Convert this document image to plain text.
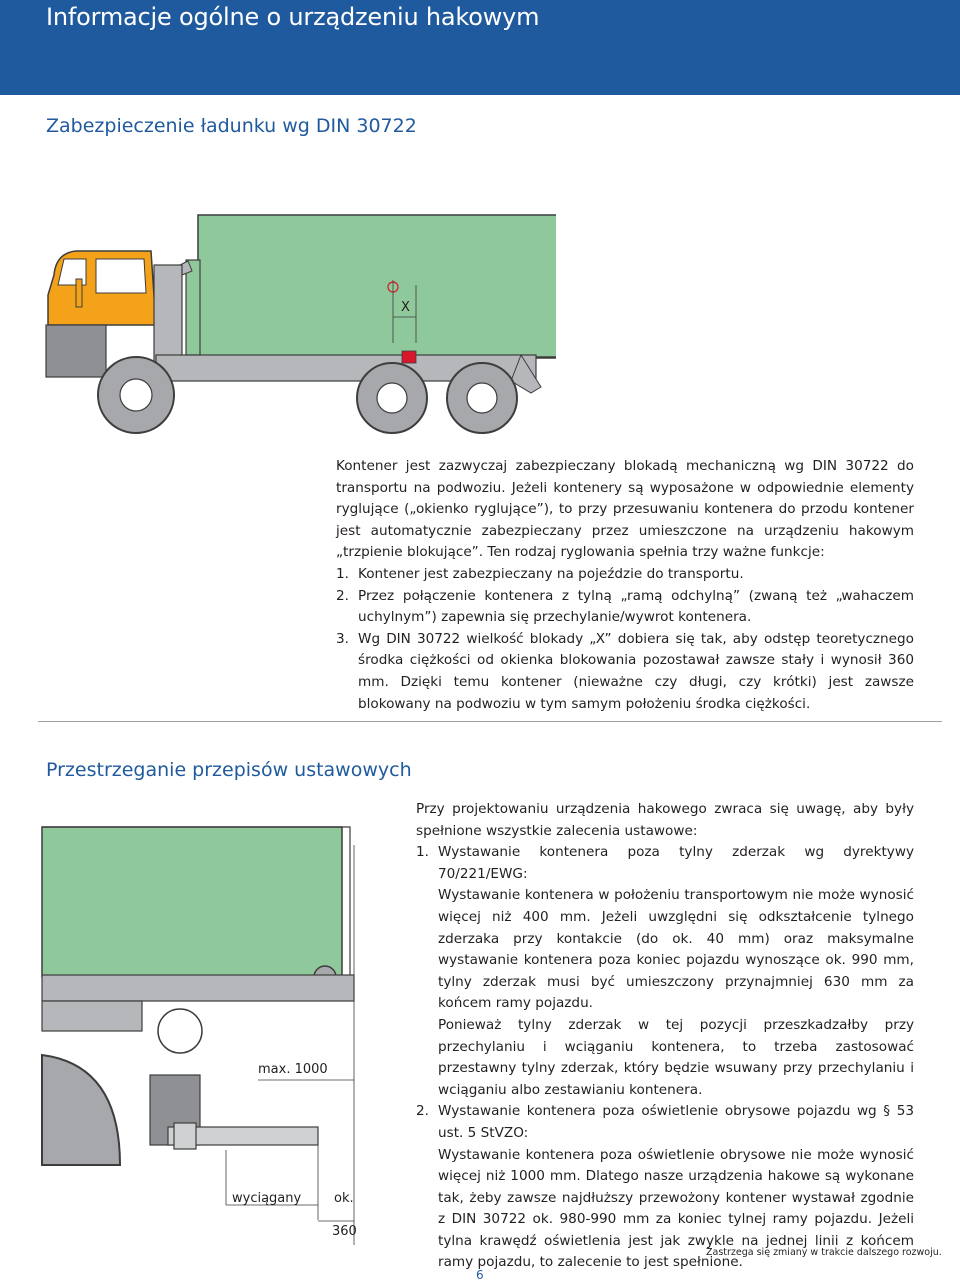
Informacje ogólne o urządzeniu hakowym
Zabezpieczenie ładunku wg DIN 30722
X

Kontener jest zazwyczaj zabezpieczany blokadą mechaniczną wg DIN 30722 do transportu na podwoziu. Jeżeli kontenery są wyposażone w odpowiednie elementy ryglujące („okienko ryglujące”), to przy przesuwaniu kontenera do przodu kontener jest automatycznie zabezpieczany przez umieszczone na urządzeniu hakowym „trzpienie blokujące”. Ten rodzaj ryglowania spełnia trzy ważne funkcje:

1. Kontener jest zabezpieczany na pojeździe do transportu.
2. Przez połączenie kontenera z tylną „ramą odchylną” (zwaną też „wahaczem uchylnym”) zapewnia się przechylanie/wywrot kontenera.
3. Wg DIN 30722 wielkość blokady „X” dobiera się tak, aby odstęp teoretycznego środka ciężkości od okienka blokowania pozostawał zawsze stały i wynosił 360 mm. Dzięki temu kontener (nieważne czy długi, czy krótki) jest zawsze blokowany na podwoziu w tym samym położeniu środka ciężkości.
Przestrzeganie przepisów ustawowych
max. 1000
wyciągany	ok.
360

Przy projektowaniu urządzenia hakowego zwraca się uwagę, aby były spełnione wszystkie zalecenia ustawowe:

1. Wystawanie kontenera poza tylny zderzak wg dyrektywy 70/221/EWG:
Wystawanie kontenera w położeniu transportowym nie może wynosić więcej niż 400 mm. Jeżeli uwzględni się odkształcenie tylnego zderzaka przy kontakcie (do ok. 40 mm) oraz maksymalne wystawanie kontenera poza koniec pojazdu wynoszące ok. 990 mm, tylny zderzak musi być umieszczony przynajmniej 630 mm za końcem ramy pojazdu.
Ponieważ tylny zderzak w tej pozycji przeszkadzałby przy przechylaniu i wciąganiu kontenera, to trzeba zastosować przestawny tylny zderzak, który będzie wsuwany przy przechylaniu i wciąganiu albo zestawianiu kontenera.
2. Wystawanie kontenera poza oświetlenie obrysowe pojazdu wg § 53 ust. 5 StVZO:
Wystawanie kontenera poza oświetlenie obrysowe nie może wynosić więcej niż 1000 mm. Dlatego nasze urządzenia hakowe są wykonane tak, żeby zawsze najdłuższy przewożony kontener wystawał zgodnie z DIN 30722 ok. 980-990 mm za koniec tylnej ramy pojazdu. Jeżeli tylna krawędź oświetlenia jest jak zwykle na jednej linii z końcem ramy pojazdu, to zalecenie to jest spełnione.
Zastrzega się zmiany w trakcie dalszego rozwoju.
6
